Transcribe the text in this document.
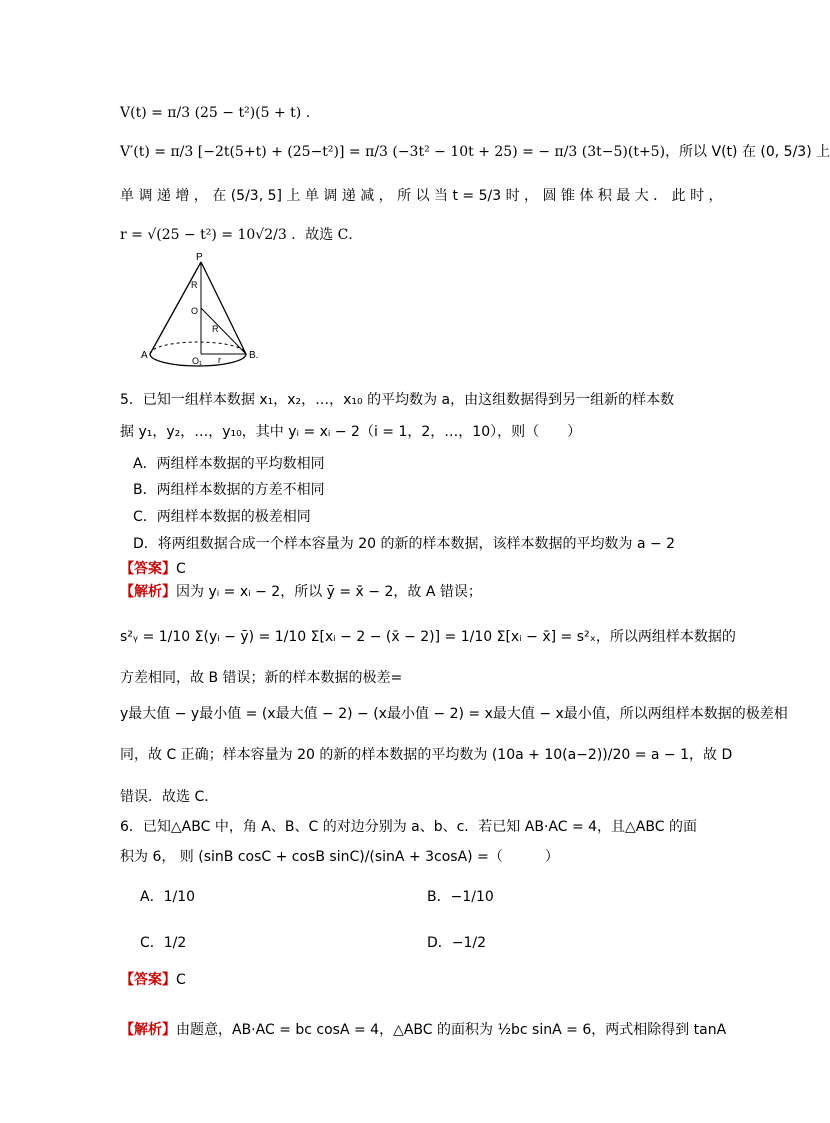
V(t) = π/3 (25 − t²)(5 + t) .
V′(t) = π/3 [−2t(5+t) + (25−t²)] = π/3 (−3t² − 10t + 25) = − π/3 (3t−5)(t+5)，所以 V(t) 在 (0, 5/3) 上
单 调 递 增 ， 在 (5/3, 5] 上 单 调 递 减 ， 所 以 当 t = 5/3 时 ， 圆 锥 体 积 最 大 ． 此 时 ，
r = √(25 − t²) = 10√2/3 ．故选 C．
P
R
O
R
A	O₁ r	B.
5．已知一组样本数据 x₁，x₂，…，x₁₀ 的平均数为 a，由这组数据得到另一组新的样本数
据 y₁，y₂，…，y₁₀，其中 yᵢ = xᵢ − 2（i = 1，2，…，10），则（　　）
A．两组样本数据的平均数相同
B．两组样本数据的方差不相同
C．两组样本数据的极差相同
D．将两组数据合成一个样本容量为 20 的新的样本数据，该样本数据的平均数为 a − 2
【答案】C
【解析】因为 yᵢ = xᵢ − 2，所以 ȳ = x̄ − 2，故 A 错误；
s²ᵧ = 1/10 Σ(yᵢ − ȳ) = 1/10 Σ[xᵢ − 2 − (x̄ − 2)] = 1/10 Σ[xᵢ − x̄] = s²ₓ，所以两组样本数据的
方差相同，故 B 错误；新的样本数据的极差=
y最大值 − y最小值 = (x最大值 − 2) − (x最小值 − 2) = x最大值 − x最小值，所以两组样本数据的极差相
同，故 C 正确；样本容量为 20 的新的样本数据的平均数为 (10a + 10(a−2))/20 = a − 1，故 D
错误．故选 C．
6．已知△ABC 中，角 A、B、C 的对边分别为 a、b、c．若已知 AB·AC = 4，且△ABC 的面
积为 6， 则 (sinB cosC + cosB sinC)/(sinA + 3cosA) =（　　　）
A．1/10	B．−1/10
C．1/2	D．−1/2
【答案】C
【解析】由题意，AB·AC = bc cosA = 4，△ABC 的面积为 ½bc sinA = 6，两式相除得到 tanA
